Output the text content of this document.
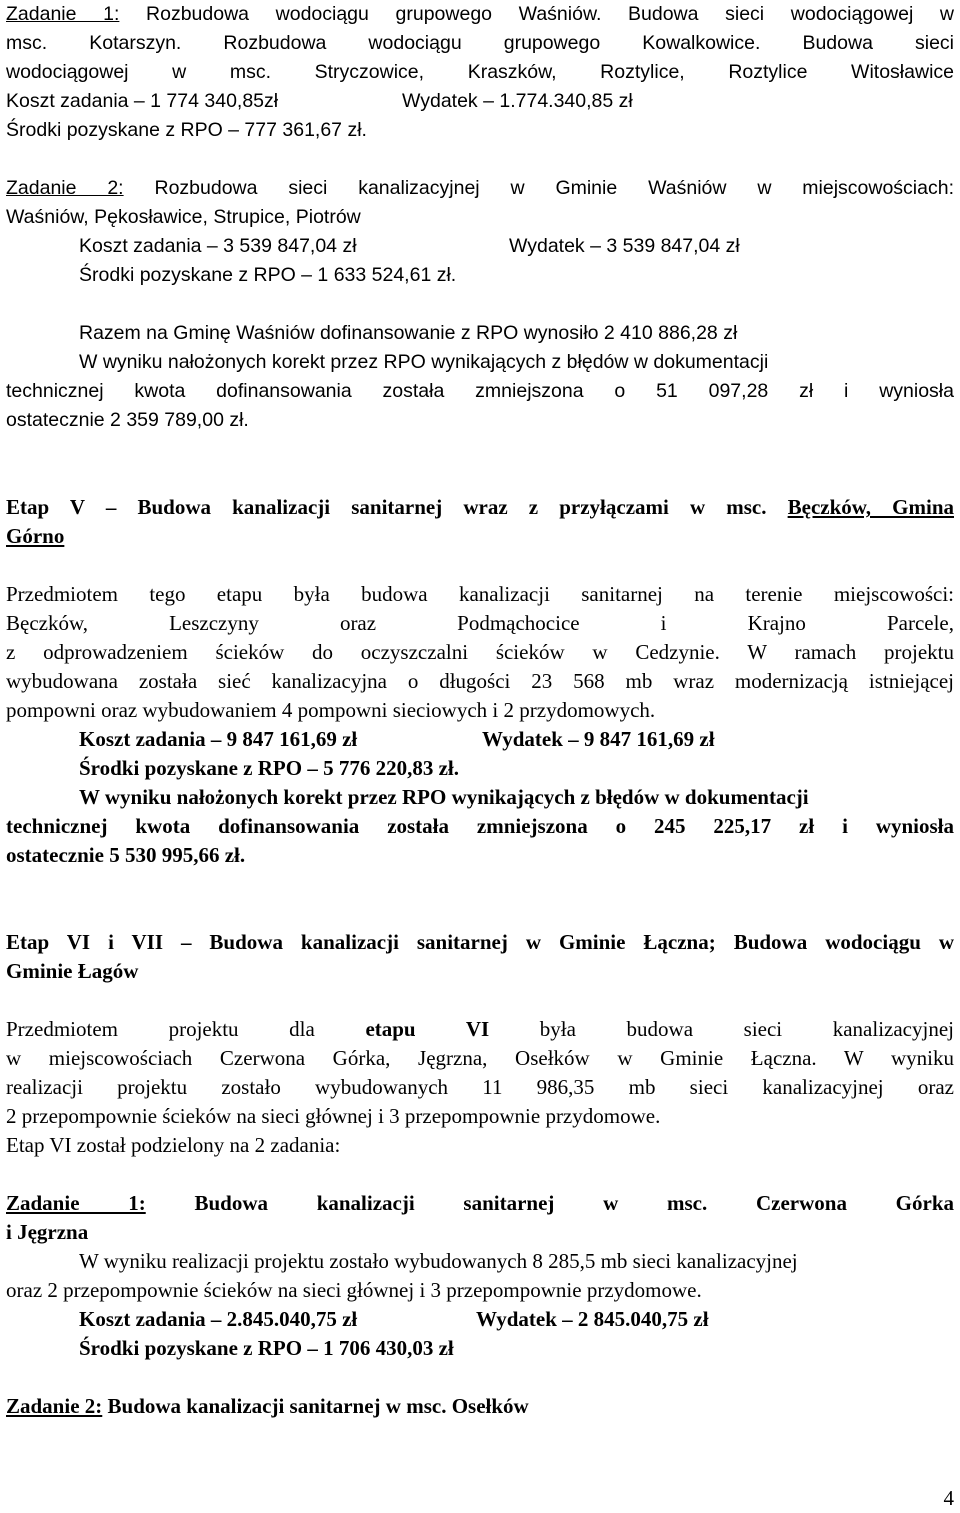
Zadanie 1: Rozbudowa wodociągu grupowego Waśniów. Budowa sieci wodociągowej w

msc. Kotarszyn. Rozbudowa wodociągu grupowego Kowalkowice. Budowa sieci

wodociągowej w msc. Stryczowice, Kraszków, Roztylice, Roztylice Witosławice

Koszt zadania – 1 774 340,85zł	Wydatek – 1.774.340,85 zł

Środki pozyskane z RPO – 777 361,67 zł.

Zadanie 2: Rozbudowa sieci kanalizacyjnej w Gminie Waśniów w miejscowościach:

Waśniów, Pękosławice, Strupice, Piotrów

Koszt zadania – 3 539 847,04 zł	Wydatek – 3 539 847,04 zł

Środki pozyskane z RPO – 1 633 524,61 zł.

Razem na Gminę Waśniów dofinansowanie z RPO wynosiło 2 410 886,28 zł

W wyniku nałożonych korekt przez RPO wynikających z błędów w dokumentacji

technicznej kwota dofinansowania została zmniejszona o 51 097,28 zł i wyniosła

ostatecznie 2 359 789,00 zł.

Etap V – Budowa kanalizacji sanitarnej wraz z przyłączami w msc. Bęczków, Gmina

Górno

Przedmiotem tego etapu była budowa kanalizacji sanitarnej na terenie miejscowości:

Bęczków, Leszczyny oraz Podmąchocice i Krajno Parcele,

z odprowadzeniem ścieków do oczyszczalni ścieków w Cedzynie. W ramach projektu

wybudowana została sieć kanalizacyjna o długości 23 568 mb wraz modernizacją istniejącej

pompowni oraz wybudowaniem 4 pompowni sieciowych i 2 przydomowych.

Koszt zadania – 9 847 161,69 zł	Wydatek – 9 847 161,69 zł

Środki pozyskane z RPO – 5 776 220,83 zł.

W wyniku nałożonych korekt przez RPO wynikających z błędów w dokumentacji

technicznej kwota dofinansowania została zmniejszona o 245 225,17 zł i wyniosła

ostatecznie 5 530 995,66 zł.

Etap VI i VII – Budowa kanalizacji sanitarnej w Gminie Łączna; Budowa wodociągu w

Gminie Łagów

Przedmiotem projektu dla etapu VI była budowa sieci kanalizacyjnej

w miejscowościach Czerwona Górka, Jęgrzna, Osełków w Gminie Łączna. W wyniku

realizacji projektu zostało wybudowanych 11 986,35 mb sieci kanalizacyjnej oraz

2 przepompownie ścieków na sieci głównej i 3 przepompownie przydomowe.

Etap VI został podzielony na 2 zadania:

Zadanie 1: Budowa kanalizacji sanitarnej w msc. Czerwona Górka

i Jęgrzna

W wyniku realizacji projektu zostało wybudowanych 8 285,5 mb sieci kanalizacyjnej

oraz 2 przepompownie ścieków na sieci głównej i 3 przepompownie przydomowe.

Koszt zadania – 2.845.040,75 zł	Wydatek – 2 845.040,75 zł

Środki pozyskane z RPO – 1 706 430,03 zł

Zadanie 2: Budowa kanalizacji sanitarnej w msc. Osełków

4
